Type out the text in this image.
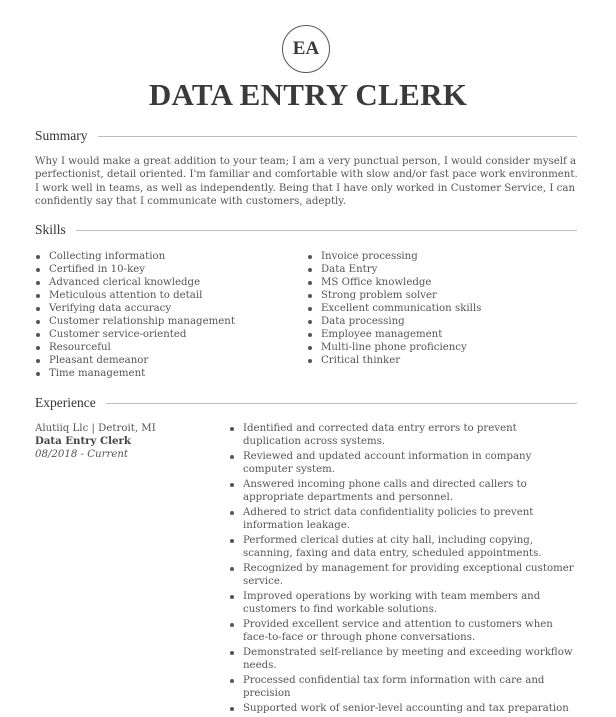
EA
DATA ENTRY CLERK
Summary

Why I would make a great addition to your team; I am a very punctual person, I would consider myself a perfectionist, detail oriented. I'm familiar and comfortable with slow and/or fast pace work environment. I work well in teams, as well as independently. Being that I have only worked in Customer Service, I can confidently say that I communicate with customers, adeptly.

Skills
Collecting information
Certified in 10-key
Advanced clerical knowledge
Meticulous attention to detail
Verifying data accuracy
Customer relationship management
Customer service-oriented
Resourceful
Pleasant demeanor
Time management
Invoice processing
Data Entry
MS Office knowledge
Strong problem solver
Excellent communication skills
Data processing
Employee management
Multi-line phone proficiency
Critical thinker
Experience
Alutiiq Llc | Detroit, MI
Data Entry Clerk
08/2018 - Current
Identified and corrected data entry errors to prevent duplication across systems.
Reviewed and updated account information in company computer system.
Answered incoming phone calls and directed callers to appropriate departments and personnel.
Adhered to strict data confidentiality policies to prevent information leakage.
Performed clerical duties at city hall, including copying, scanning, faxing and data entry, scheduled appointments.
Recognized by management for providing exceptional customer service.
Improved operations by working with team members and customers to find workable solutions.
Provided excellent service and attention to customers when face-to-face or through phone conversations.
Demonstrated self-reliance by meeting and exceeding workflow needs.
Processed confidential tax form information with care and precision
Supported work of senior-level accounting and tax preparation
